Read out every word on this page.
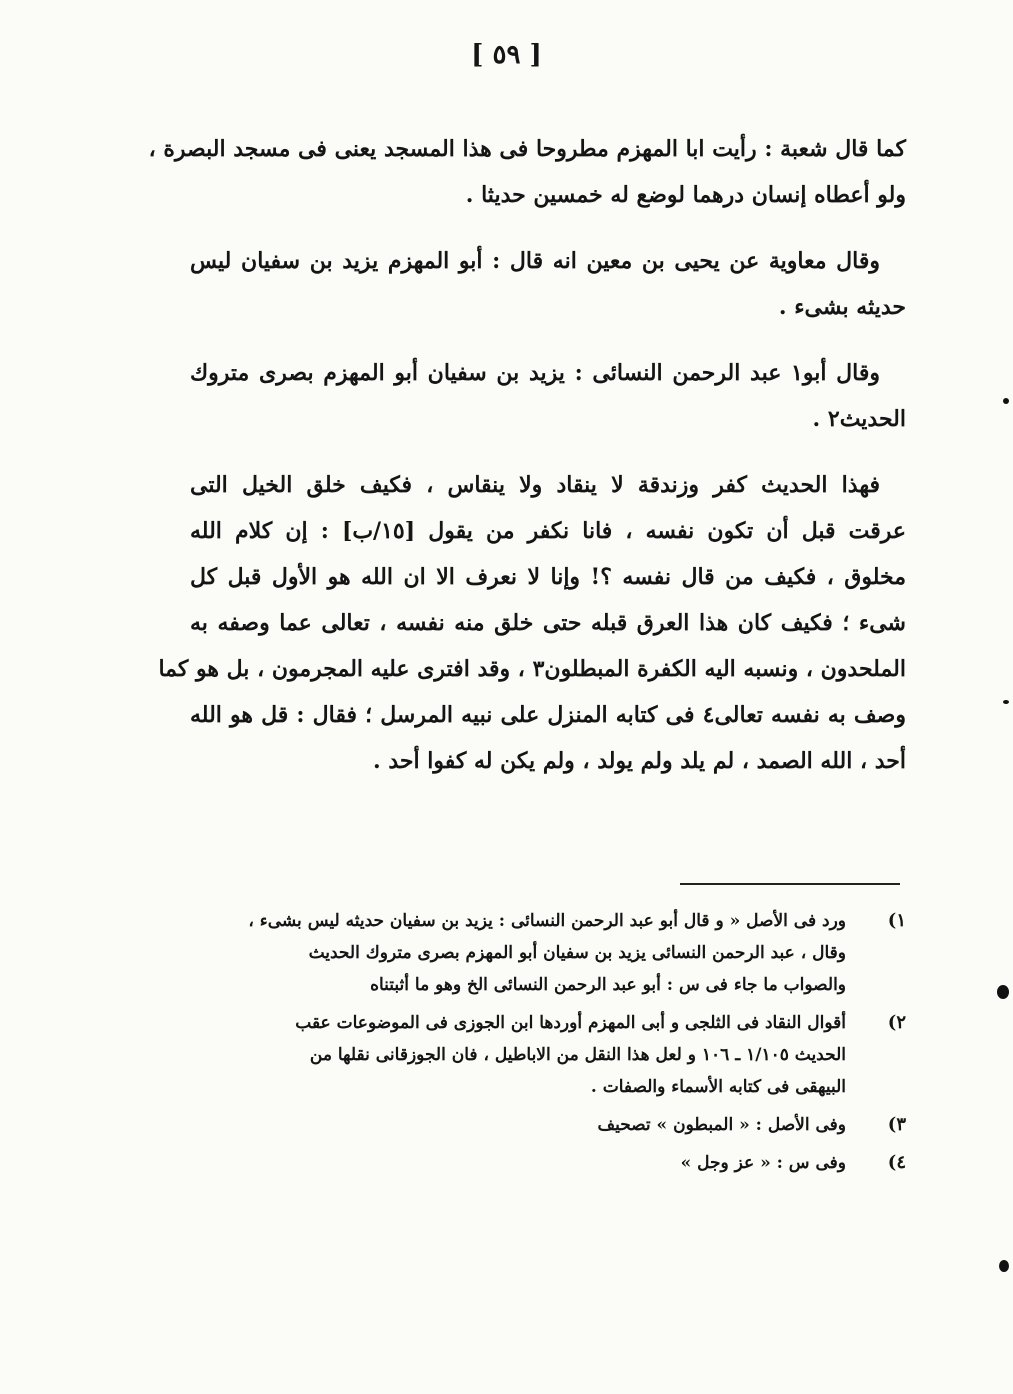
[ ٥٩ ]
كما قال شعبة : رأيت ابا المهزم مطروحا فى هذا المسجد يعنى فى مسجد البصرة ،
ولو أعطاه إنسان درهما لوضع له خمسين حديثا .
وقال معاوية عن يحيى بن معين انه قال : أبو المهزم يزيد بن سفيان ليس
حديثه بشىء .
وقال أبو١ عبد الرحمن النسائى : يزيد بن سفيان أبو المهزم بصرى متروك
الحديث٢ .
فهذا الحديث كفر وزندقة لا ينقاد ولا ينقاس ، فكيف خلق الخيل التى
عرقت قبل أن تكون نفسه ، فانا نكفر من يقول [١٥/ب] : إن كلام الله
مخلوق ، فكيف من قال نفسه ؟! وإنا لا نعرف الا ان الله هو الأول قبل كل
شىء ؛ فكيف كان هذا العرق قبله حتى خلق منه نفسه ، تعالى عما وصفه به
الملحدون ، ونسبه اليه الكفرة المبطلون٣ ، وقد افترى عليه المجرمون ، بل هو كما
وصف به نفسه تعالى٤ فى كتابه المنزل على نبيه المرسل ؛ فقال : قل هو الله
أحد ، الله الصمد ، لم يلد ولم يولد ، ولم يكن له كفوا أحد .
١)
ورد فى الأصل « و قال أبو عبد الرحمن النسائى : يزيد بن سفيان حديثه ليس بشىء ،
وقال ، عبد الرحمن النسائى يزيد بن سفيان أبو المهزم بصرى متروك الحديث
والصواب ما جاء فى س : أبو عبد الرحمن النسائى الخ وهو ما أثبتناه
٢)
أقوال النقاد فى الثلجى و أبى المهزم أوردها ابن الجوزى فى الموضوعات عقب
الحديث ١/١٠٥ ـ ١٠٦ و لعل هذا النقل من الاباطيل ، فان الجوزقانى نقلها من
البيهقى فى كتابه الأسماء والصفات .
٣)
وفى الأصل : « المبطون » تصحيف
٤)
وفى س : « عز وجل »
